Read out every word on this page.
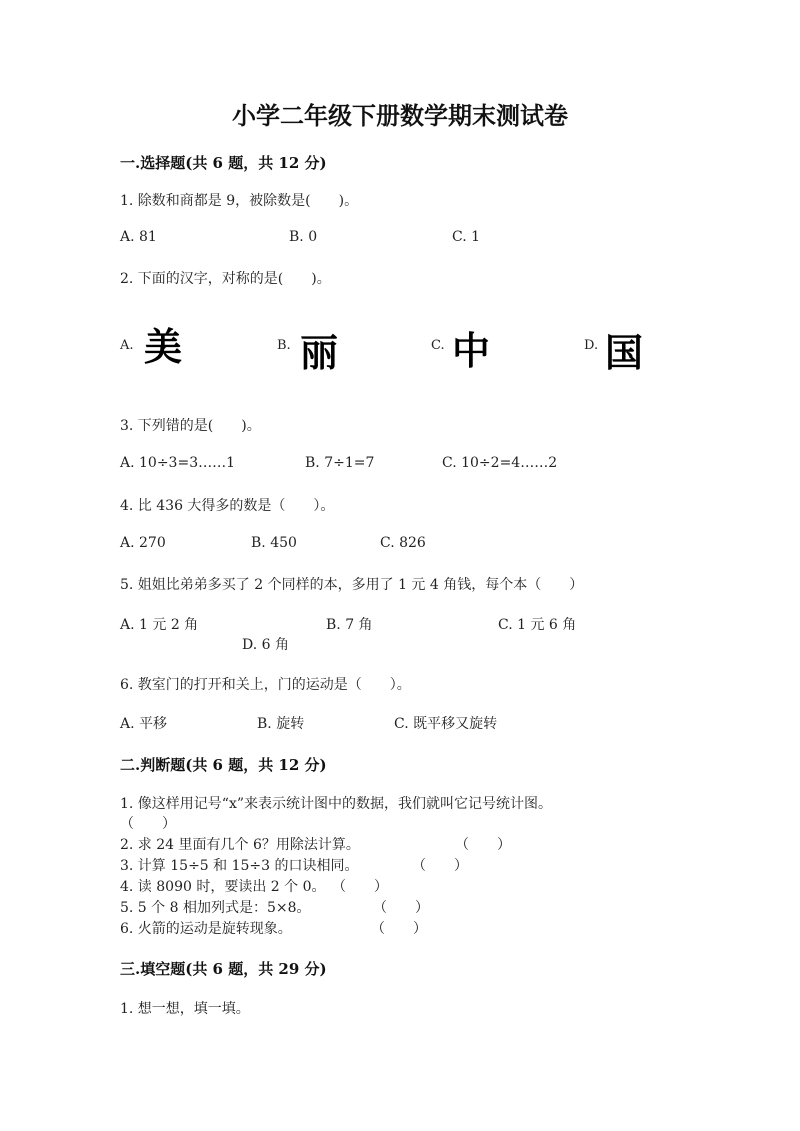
小学二年级下册数学期末测试卷
一.选择题(共 6 题，共 12 分)
1. 除数和商都是 9，被除数是(　　)。
A. 81	B. 0	C. 1
2. 下面的汉字，对称的是(　　)。
A. 美	B. 丽	C. 中	D. 国
3. 下列错的是(　　)。
A. 10÷3=3……1	B. 7÷1=7	C. 10÷2=4……2
4. 比 436 大得多的数是（　　）。
A. 270	B. 450	C. 826
5. 姐姐比弟弟多买了 2 个同样的本，多用了 1 元 4 角钱，每个本（　　）
A. 1 元 2 角	B. 7 角	C. 1 元 6 角
D. 6 角
6. 教室门的打开和关上，门的运动是（　　）。
A. 平移	B. 旋转	C. 既平移又旋转
二.判断题(共 6 题，共 12 分)
1. 像这样用记号“x”来表示统计图中的数据，我们就叫它记号统计图。
（　　）
2. 求 24 里面有几个 6？用除法计算。	（　　）
3. 计算 15÷5 和 15÷3 的口诀相同。	（　　）
4. 读 8090 时，要读出 2 个 0。 （　　）
5. 5 个 8 相加列式是：5×8。	（　　）
6. 火箭的运动是旋转现象。	（　　）
三.填空题(共 6 题，共 29 分)
1. 想一想，填一填。
